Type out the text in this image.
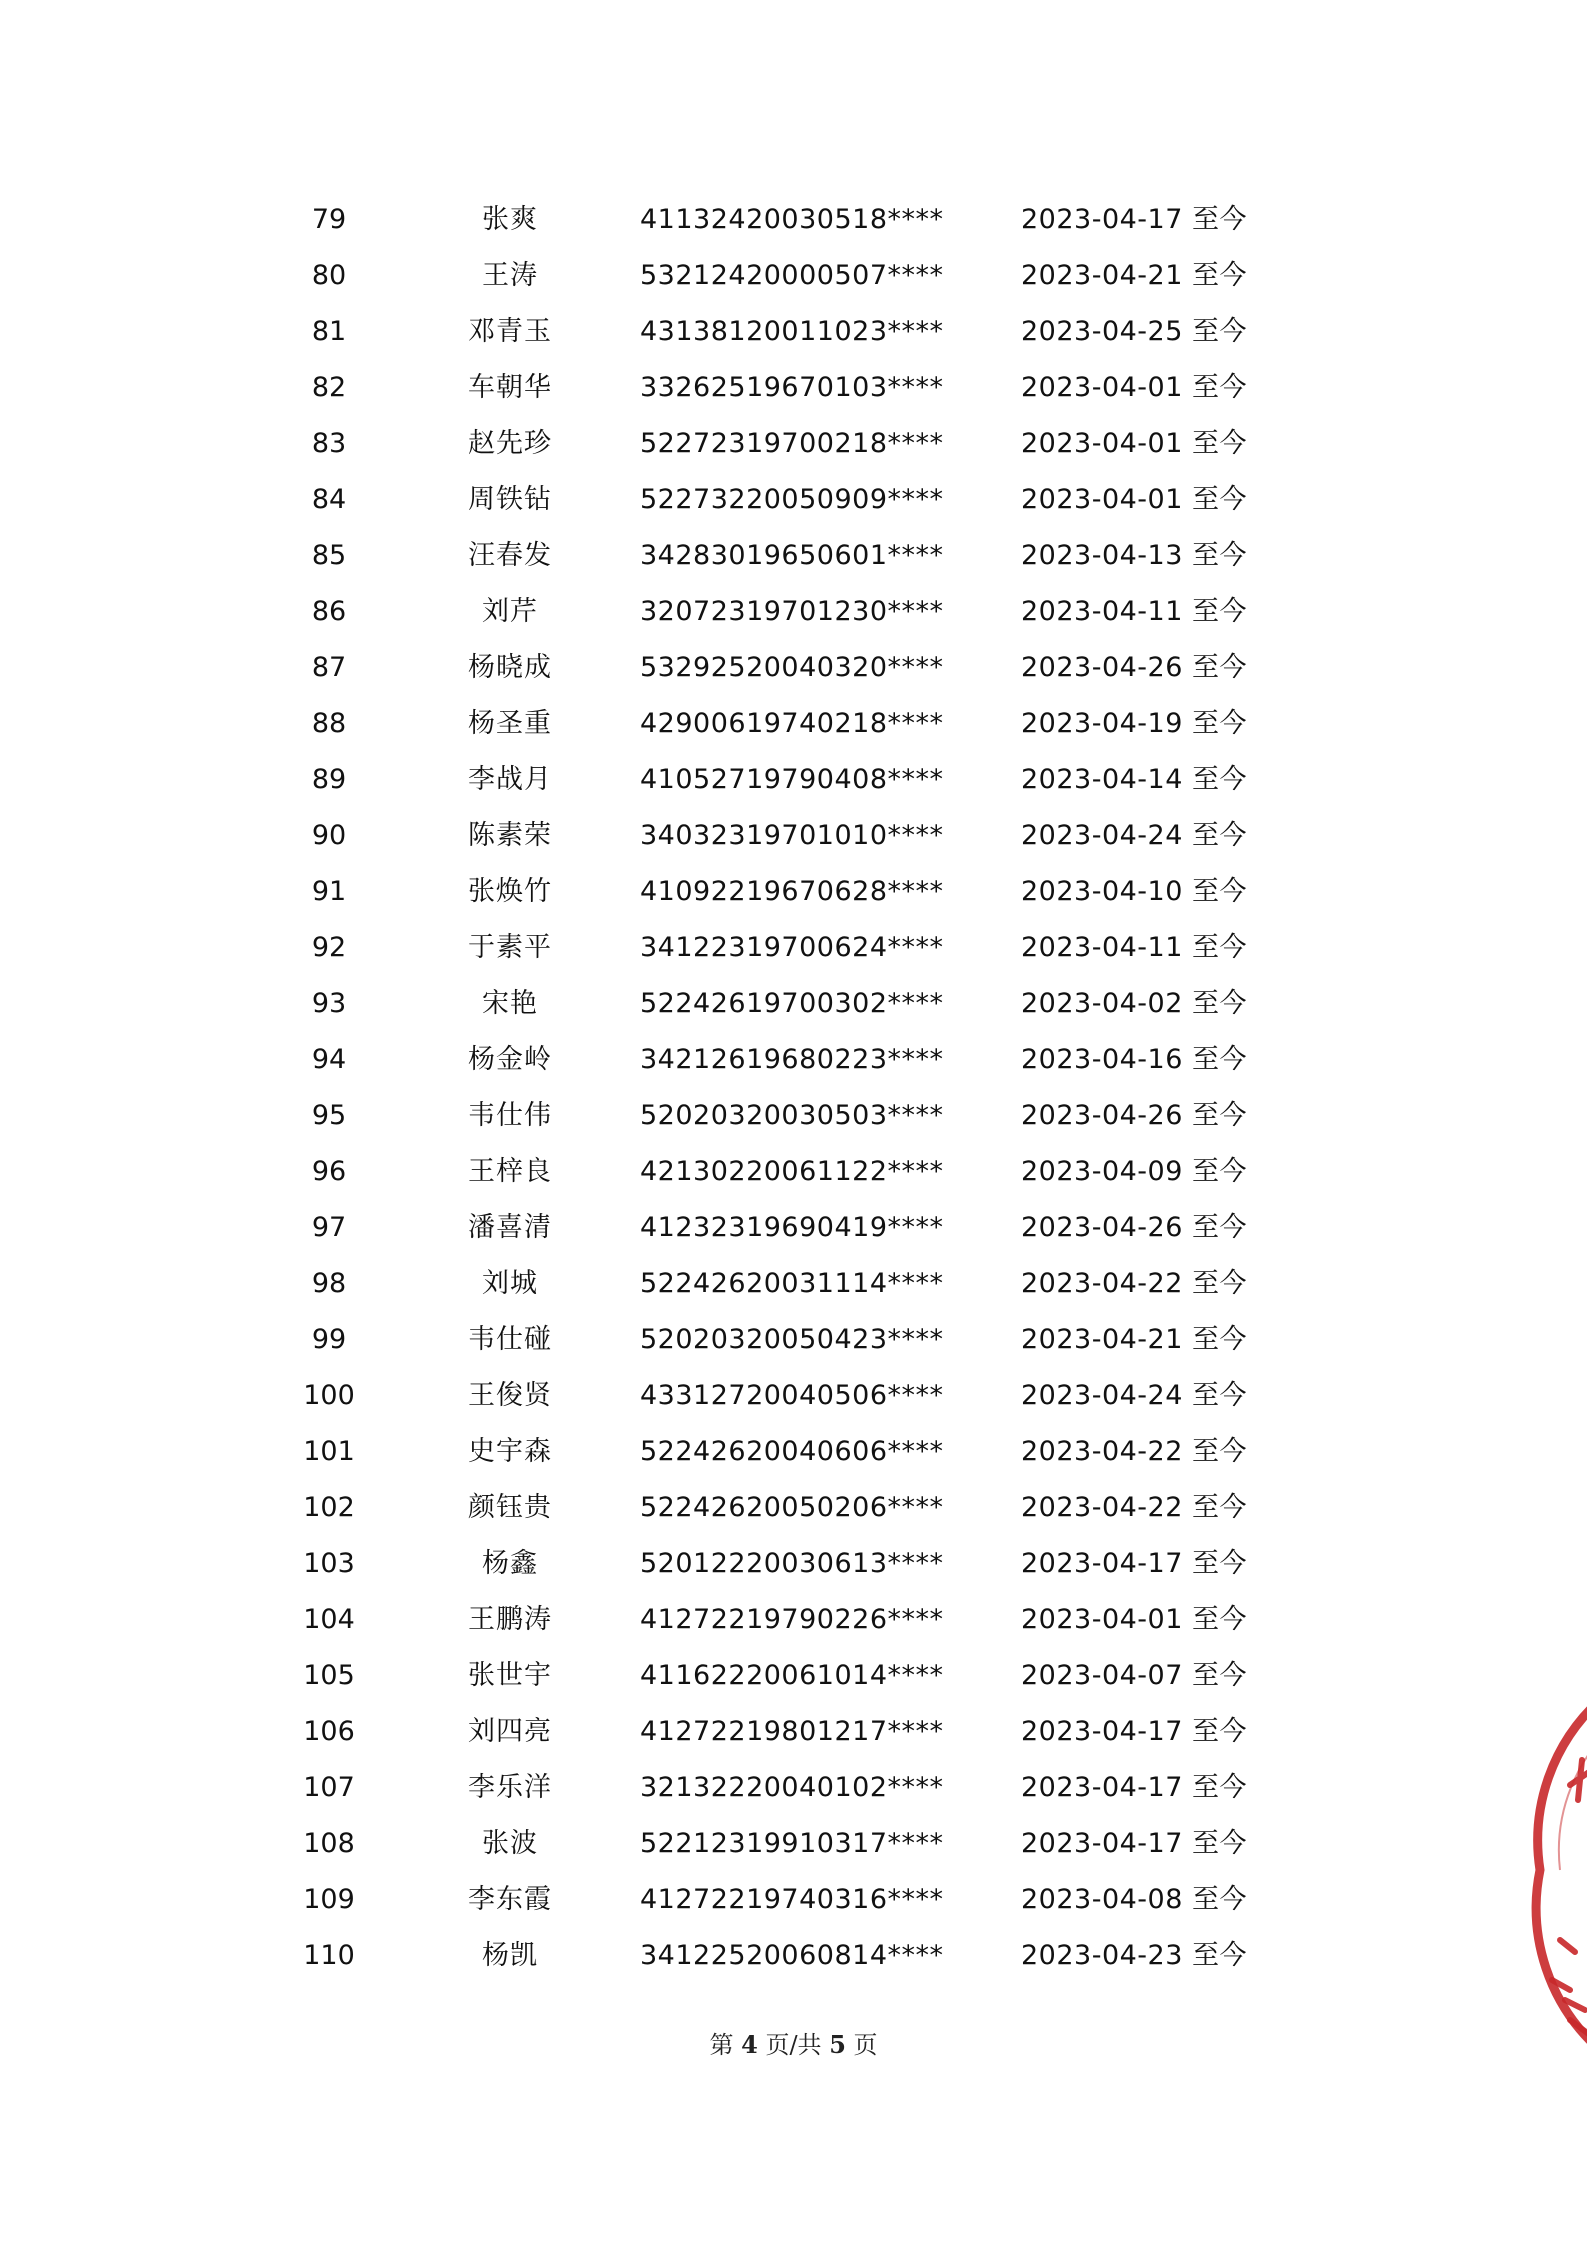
79	张爽	41132420030518****	2023-04-17 至今
80	王涛	53212420000507****	2023-04-21 至今
81	邓青玉	43138120011023****	2023-04-25 至今
82	车朝华	33262519670103****	2023-04-01 至今
83	赵先珍	52272319700218****	2023-04-01 至今
84	周铁钻	52273220050909****	2023-04-01 至今
85	汪春发	34283019650601****	2023-04-13 至今
86	刘芹	32072319701230****	2023-04-11 至今
87	杨晓成	53292520040320****	2023-04-26 至今
88	杨圣重	42900619740218****	2023-04-19 至今
89	李战月	41052719790408****	2023-04-14 至今
90	陈素荣	34032319701010****	2023-04-24 至今
91	张焕竹	41092219670628****	2023-04-10 至今
92	于素平	34122319700624****	2023-04-11 至今
93	宋艳	52242619700302****	2023-04-02 至今
94	杨金岭	34212619680223****	2023-04-16 至今
95	韦仕伟	52020320030503****	2023-04-26 至今
96	王梓良	42130220061122****	2023-04-09 至今
97	潘喜清	41232319690419****	2023-04-26 至今
98	刘城	52242620031114****	2023-04-22 至今
99	韦仕碰	52020320050423****	2023-04-21 至今
100	王俊贤	43312720040506****	2023-04-24 至今
101	史宇森	52242620040606****	2023-04-22 至今
102	颜钰贵	52242620050206****	2023-04-22 至今
103	杨鑫	52012220030613****	2023-04-17 至今
104	王鹏涛	41272219790226****	2023-04-01 至今
105	张世宇	41162220061014****	2023-04-07 至今
106	刘四亮	41272219801217****	2023-04-17 至今
107	李乐洋	32132220040102****	2023-04-17 至今
108	张波	52212319910317****	2023-04-17 至今
109	李东霞	41272219740316****	2023-04-08 至今
110	杨凯	34122520060814****	2023-04-23 至今
第 4 页/共 5 页
